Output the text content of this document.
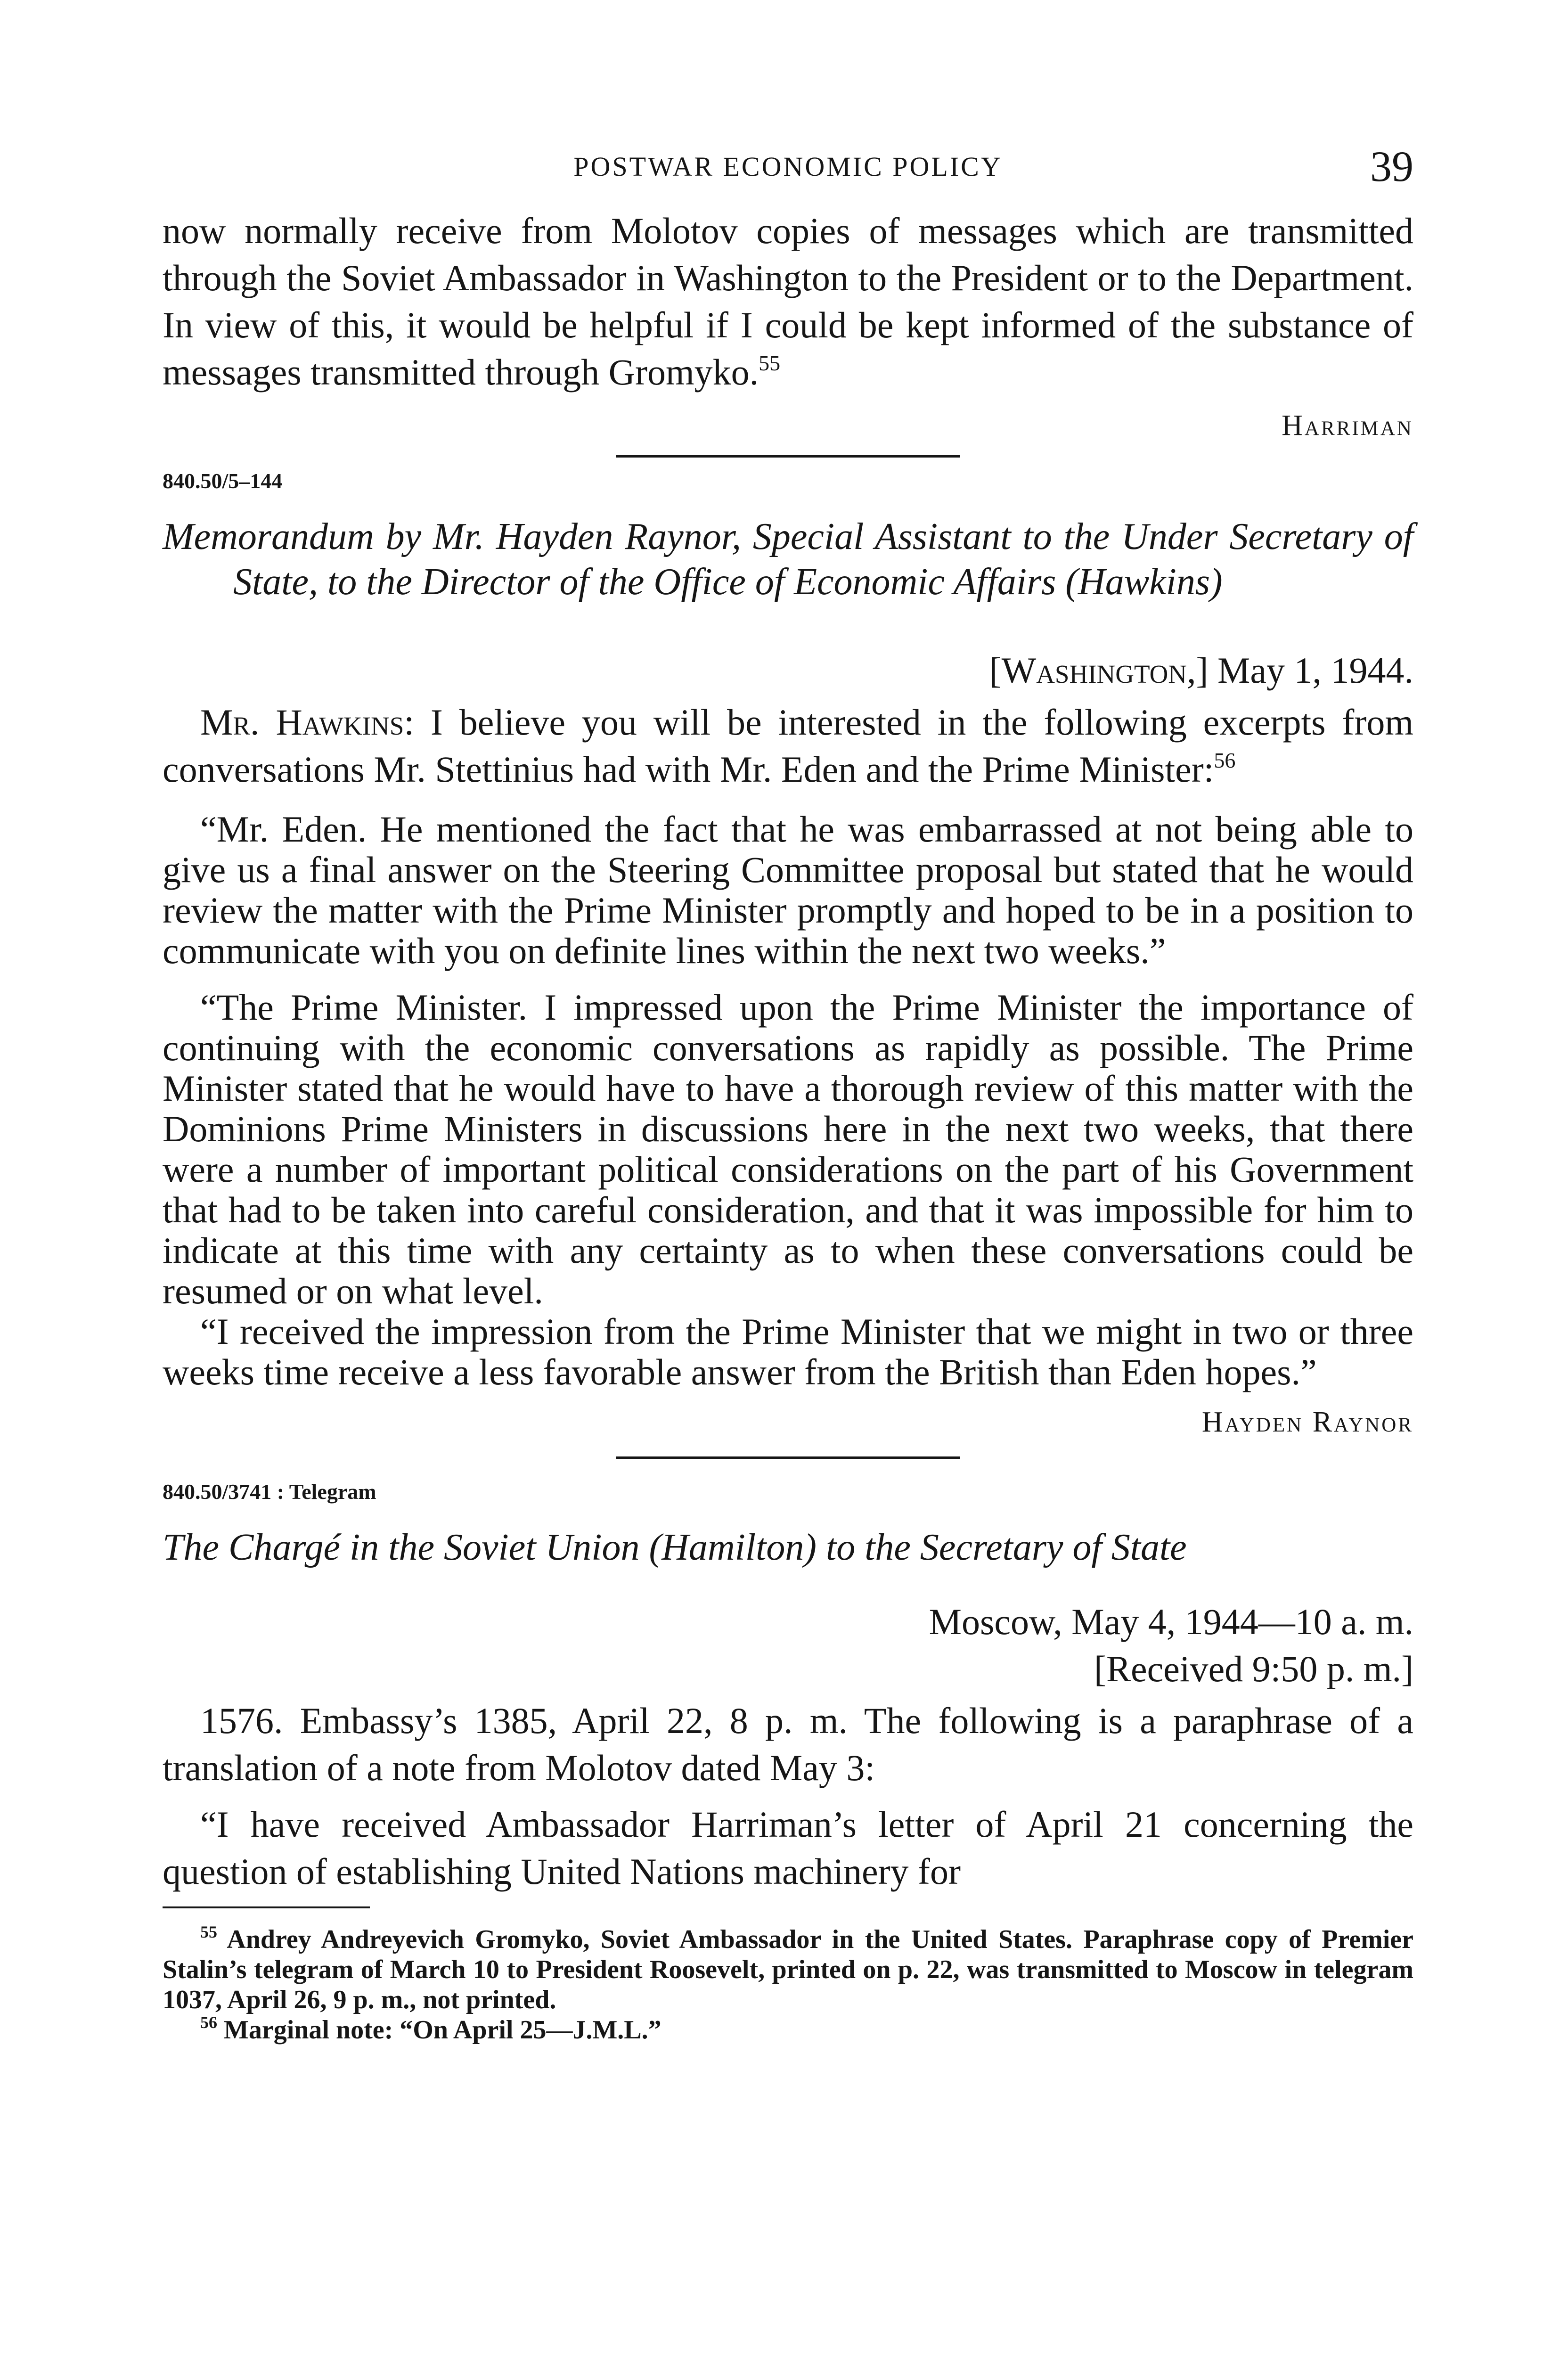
POSTWAR ECONOMIC POLICY	39

now normally receive from Molotov copies of messages which are transmitted through the Soviet Ambassador in Washington to the President or to the Department. In view of this, it would be helpful if I could be kept informed of the substance of messages transmitted through Gromyko.$^{55}$

Harriman
840.50/5–144

Memorandum by Mr. Hayden Raynor, Special Assistant to the Under Secretary of State, to the Director of the Office of Economic Affairs (Hawkins)

[Washington,] May 1, 1944.

Mr. Hawkins: I believe you will be interested in the following excerpts from conversations Mr. Stettinius had with Mr. Eden and the Prime Minister:$^{56}$

“Mr. Eden. He mentioned the fact that he was embarrassed at not being able to give us a final answer on the Steering Committee proposal but stated that he would review the matter with the Prime Minister promptly and hoped to be in a position to communicate with you on definite lines within the next two weeks.”

“The Prime Minister. I impressed upon the Prime Minister the importance of continuing with the economic conversations as rapidly as possible. The Prime Minister stated that he would have to have a thorough review of this matter with the Dominions Prime Ministers in discussions here in the next two weeks, that there were a number of important political considerations on the part of his Government that had to be taken into careful consideration, and that it was impossible for him to indicate at this time with any certainty as to when these conversations could be resumed or on what level.

“I received the impression from the Prime Minister that we might in two or three weeks time receive a less favorable answer from the British than Eden hopes.”

Hayden Raynor
840.50/3741 : Telegram

The Chargé in the Soviet Union (Hamilton) to the Secretary of State

Moscow, May 4, 1944—10 a. m.
[Received 9:50 p. m.]

1576. Embassy’s 1385, April 22, 8 p. m. The following is a paraphrase of a translation of a note from Molotov dated May 3:

“I have received Ambassador Harriman’s letter of April 21 concerning the question of establishing United Nations machinery for

$^{55}$ Andrey Andreyevich Gromyko, Soviet Ambassador in the United States. Paraphrase copy of Premier Stalin’s telegram of March 10 to President Roosevelt, printed on p. 22, was transmitted to Moscow in telegram 1037, April 26, 9 p. m., not printed.

$^{56}$ Marginal note: “On April 25—J.M.L.”
